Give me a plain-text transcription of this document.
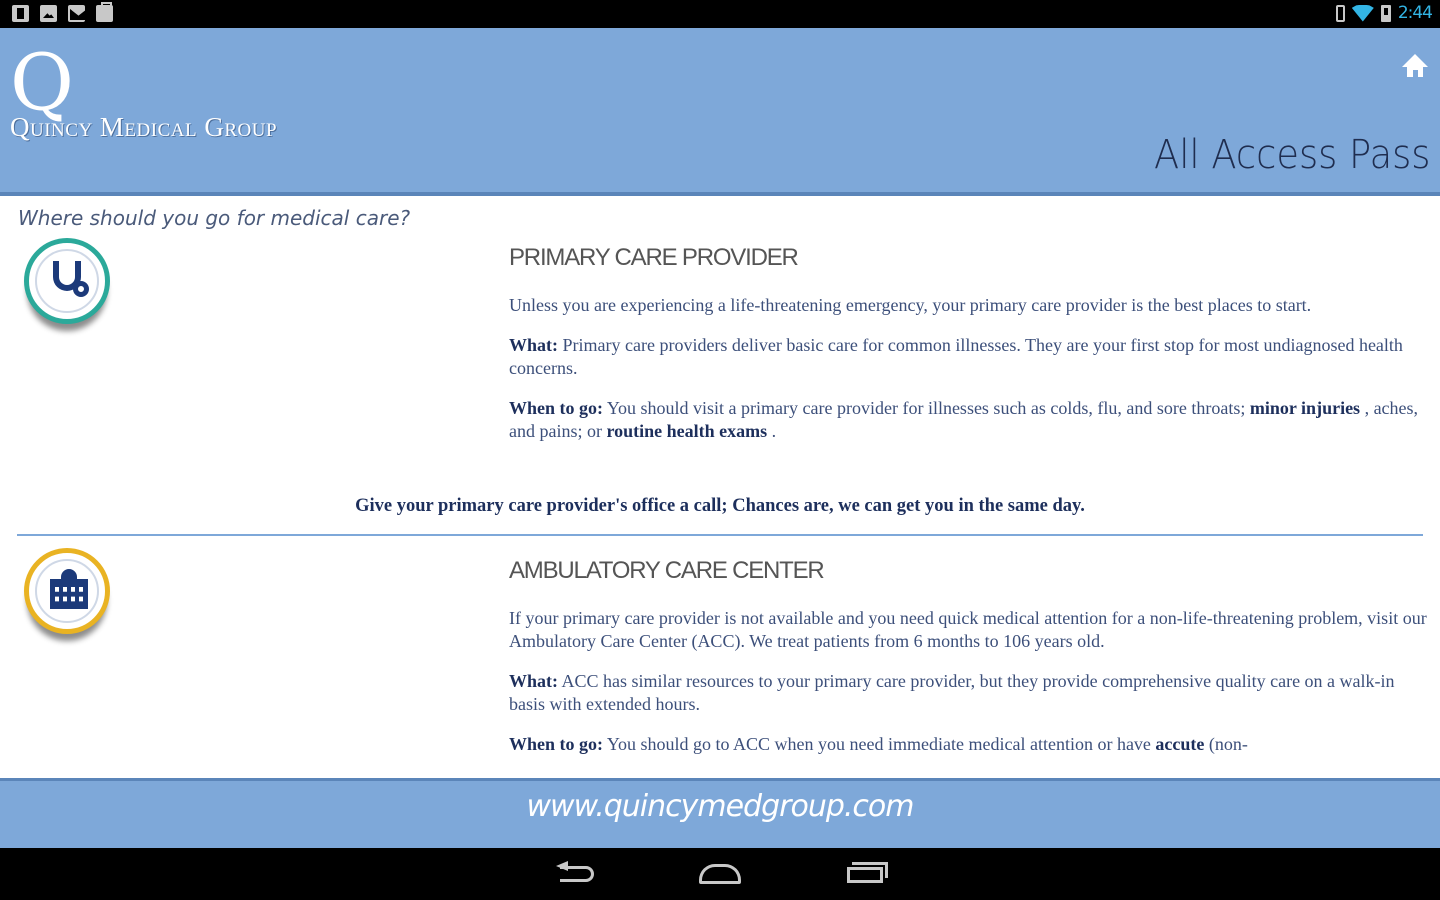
2:44
Q
Quincy Medical Group
All Access Pass
Where should you go for medical care?
PRIMARY CARE PROVIDER

Unless you are experiencing a life-threatening emergency, your primary care provider is the best places to start.

What: Primary care providers deliver basic care for common illnesses. They are your first stop for most undiagnosed health concerns.

When to go: You should visit a primary care provider for illnesses such as colds, flu, and sore throats; minor injuries , aches, and pains; or routine health exams .

Give your primary care provider's office a call; Chances are, we can get you in the same day.
AMBULATORY CARE CENTER

If your primary care provider is not available and you need quick medical attention for a non-life-threatening problem, visit our Ambulatory Care Center (ACC). We treat patients from 6 months to 106 years old.

What: ACC has similar resources to your primary care provider, but they provide comprehensive quality care on a walk-in basis with extended hours.

When to go: You should go to ACC when you need immediate medical attention or have accute (non-

www.quincymedgroup.com
